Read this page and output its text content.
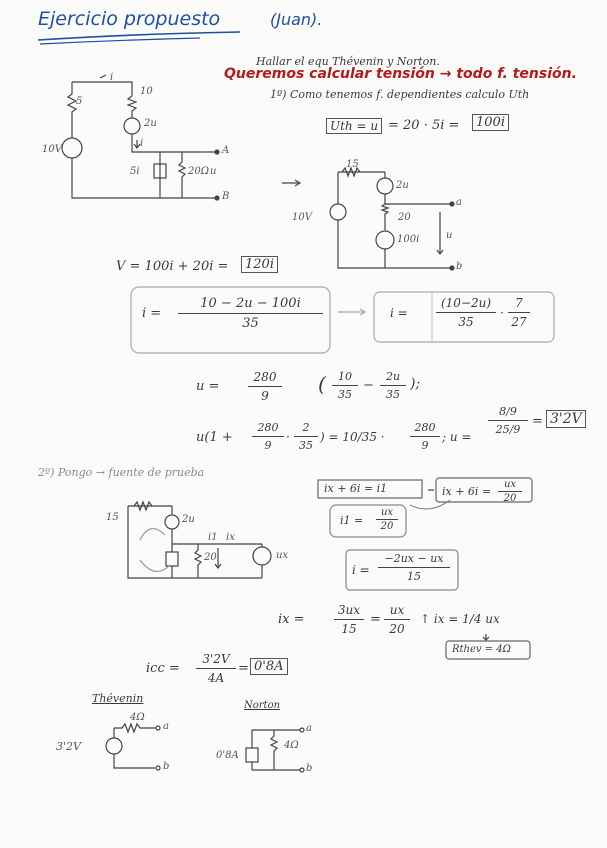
Ejercicio propuesto	(Juan).
Hallar el equ Thévenin y Norton.
Queremos calcular tensión → todo f. tensión.
1º) Como tenemos f. dependientes calculo Uth
5
10
i
10V
2u
i
5i	20Ω u
A
B
Uth = u = 20 · 5i =	100i
15
2u
20
10V
100i	u
a
b
V = 100i + 20i =	120i
i =
10 − 2u − 100i
35
i =
(10−2u)
35
·
7
27
u =
280
9	(	10
35
−
2u
35
);
u(1 +
280
9
·
2
35
) = 10/35 ·
280
9
; u =
8/9
25/9
= 3'2V
2º) Pongo → fuente de prueba
15	2u
i1 ix
20	ux
ix + 6i = i1	ix + 6i =
ux
20
i1 =
ux
20
i =
−2ux − ux
15
ix =
3ux
15
=
ux
20
↑ ix = 1/4 ux
Rthev = 4Ω
icc =
3'2V
4A
= 0'8A
Thévenin
4Ω
3'2V
a
b
Norton
0'8A
4Ω
a
b
